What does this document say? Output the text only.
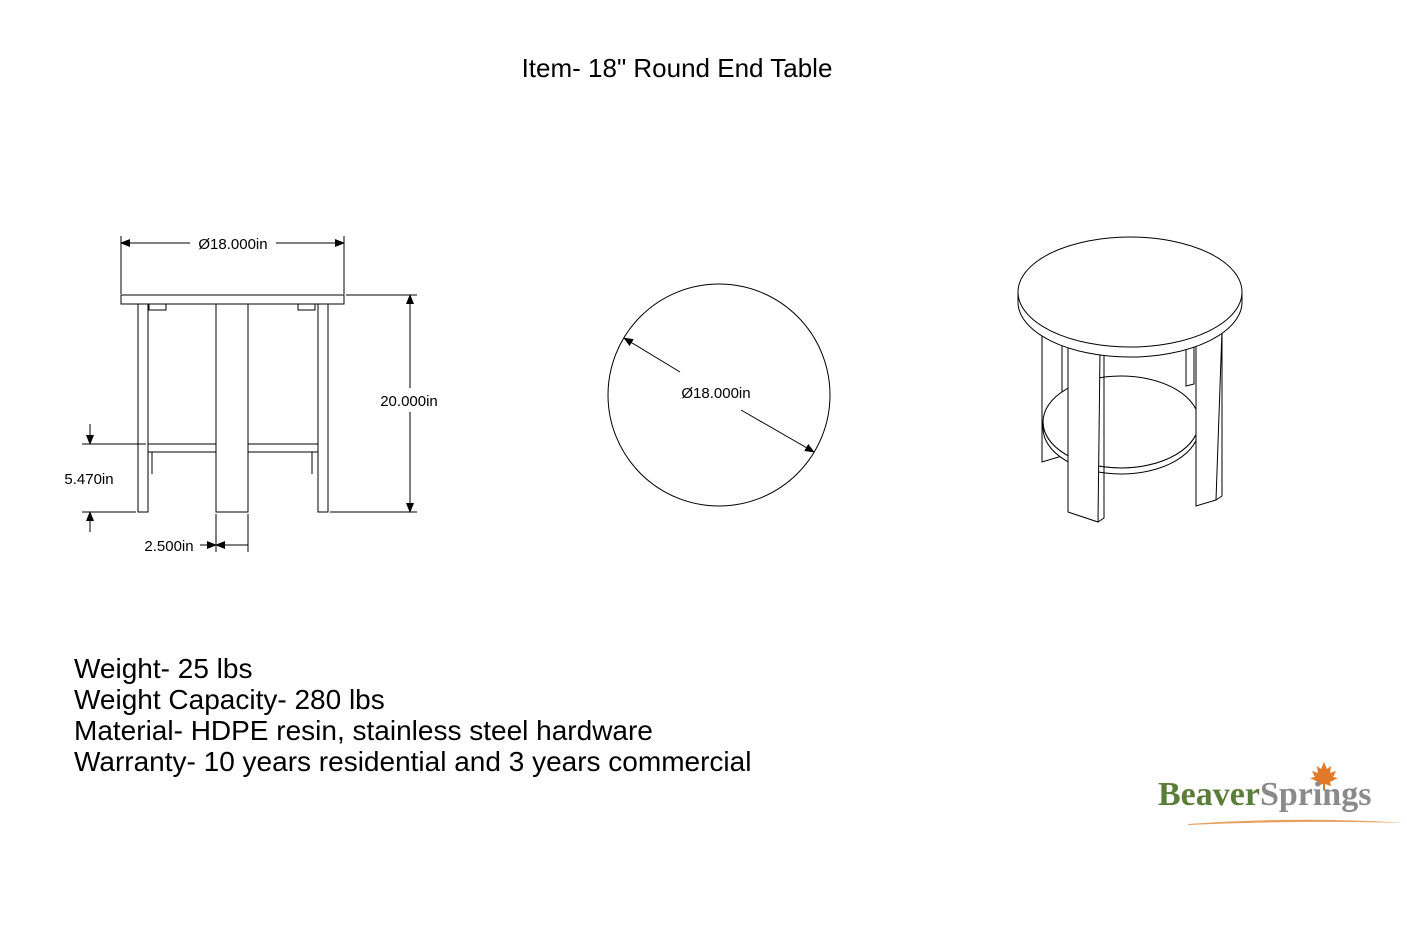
Item- 18" Round End Table
Ø18.000in
20.000in
5.470in
2.500in
Ø18.000in
Weight- 25 lbs
Weight Capacity- 280 lbs
Material- HDPE resin, stainless steel hardware
Warranty- 10 years residential and 3 years commercial
BeaverSprings
